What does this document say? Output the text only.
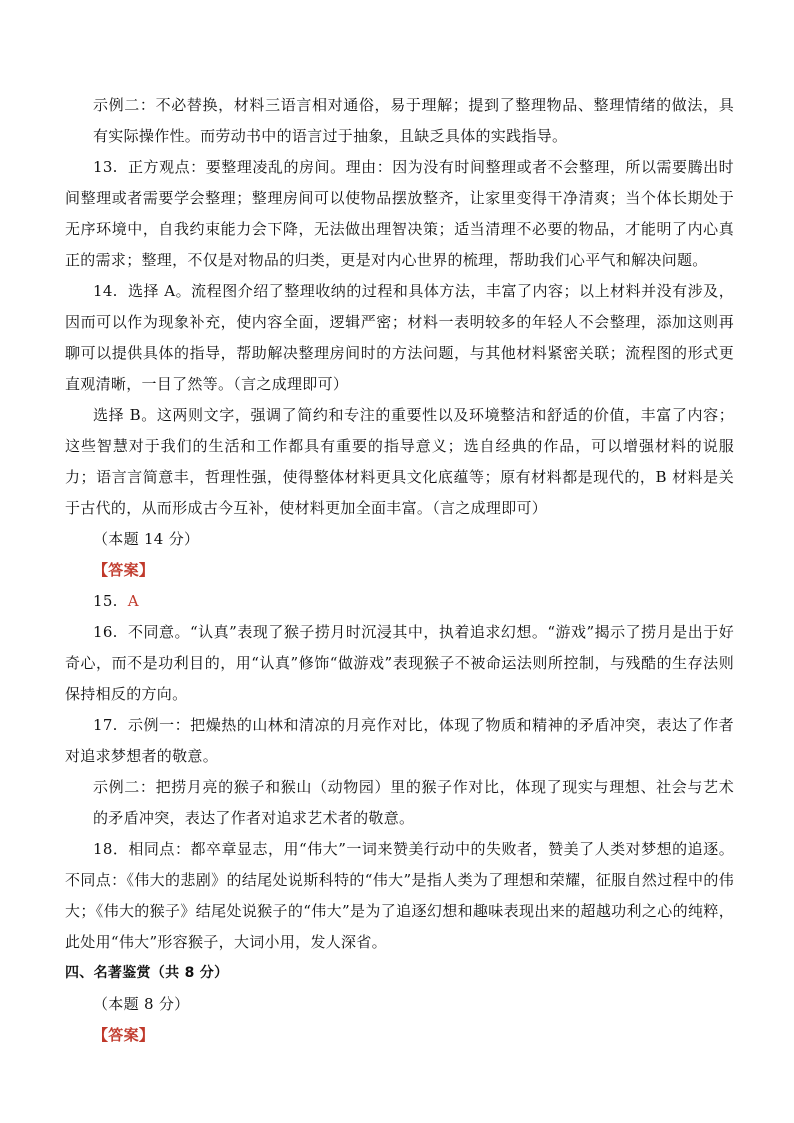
示例二：不必替换，材料三语言相对通俗，易于理解；提到了整理物品、整理情绪的做法，具有实际操作性。而劳动书中的语言过于抽象，且缺乏具体的实践指导。

13. 正方观点：要整理凌乱的房间。理由：因为没有时间整理或者不会整理，所以需要腾出时间整理或者需要学会整理；整理房间可以使物品摆放整齐，让家里变得干净清爽；当个体长期处于无序环境中，自我约束能力会下降，无法做出理智决策；适当清理不必要的物品，才能明了内心真正的需求；整理，不仅是对物品的归类，更是对内心世界的梳理，帮助我们心平气和解决问题。

14. 选择 A。流程图介绍了整理收纳的过程和具体方法，丰富了内容；以上材料并没有涉及，因而可以作为现象补充，使内容全面，逻辑严密；材料一表明较多的年轻人不会整理，添加这则再聊可以提供具体的指导，帮助解决整理房间时的方法问题，与其他材料紧密关联；流程图的形式更直观清晰，一目了然等。（言之成理即可）

选择 B。这两则文字，强调了简约和专注的重要性以及环境整洁和舒适的价值，丰富了内容；这些智慧对于我们的生活和工作都具有重要的指导意义；选自经典的作品，可以增强材料的说服力；语言言简意丰，哲理性强，使得整体材料更具文化底蕴等；原有材料都是现代的，B 材料是关于古代的，从而形成古今互补，使材料更加全面丰富。（言之成理即可）

（本题 14 分）

【答案】

15. A

16. 不同意。“认真”表现了猴子捞月时沉浸其中，执着追求幻想。“游戏”揭示了捞月是出于好奇心，而不是功利目的，用“认真”修饰“做游戏”表现猴子不被命运法则所控制，与残酷的生存法则保持相反的方向。

17. 示例一：把燥热的山林和清凉的月亮作对比，体现了物质和精神的矛盾冲突，表达了作者对追求梦想者的敬意。

示例二：把捞月亮的猴子和猴山（动物园）里的猴子作对比，体现了现实与理想、社会与艺术的矛盾冲突，表达了作者对追求艺术者的敬意。

18．相同点：都卒章显志，用“伟大”一词来赞美行动中的失败者，赞美了人类对梦想的追逐。不同点：《伟大的悲剧》的结尾处说斯科特的“伟大”是指人类为了理想和荣耀，征服自然过程中的伟大；《伟大的猴子》结尾处说猴子的“伟大”是为了追逐幻想和趣味表现出来的超越功利之心的纯粹，此处用“伟大”形容猴子，大词小用，发人深省。

四、名著鉴赏（共 8 分）

（本题 8 分）

【答案】
